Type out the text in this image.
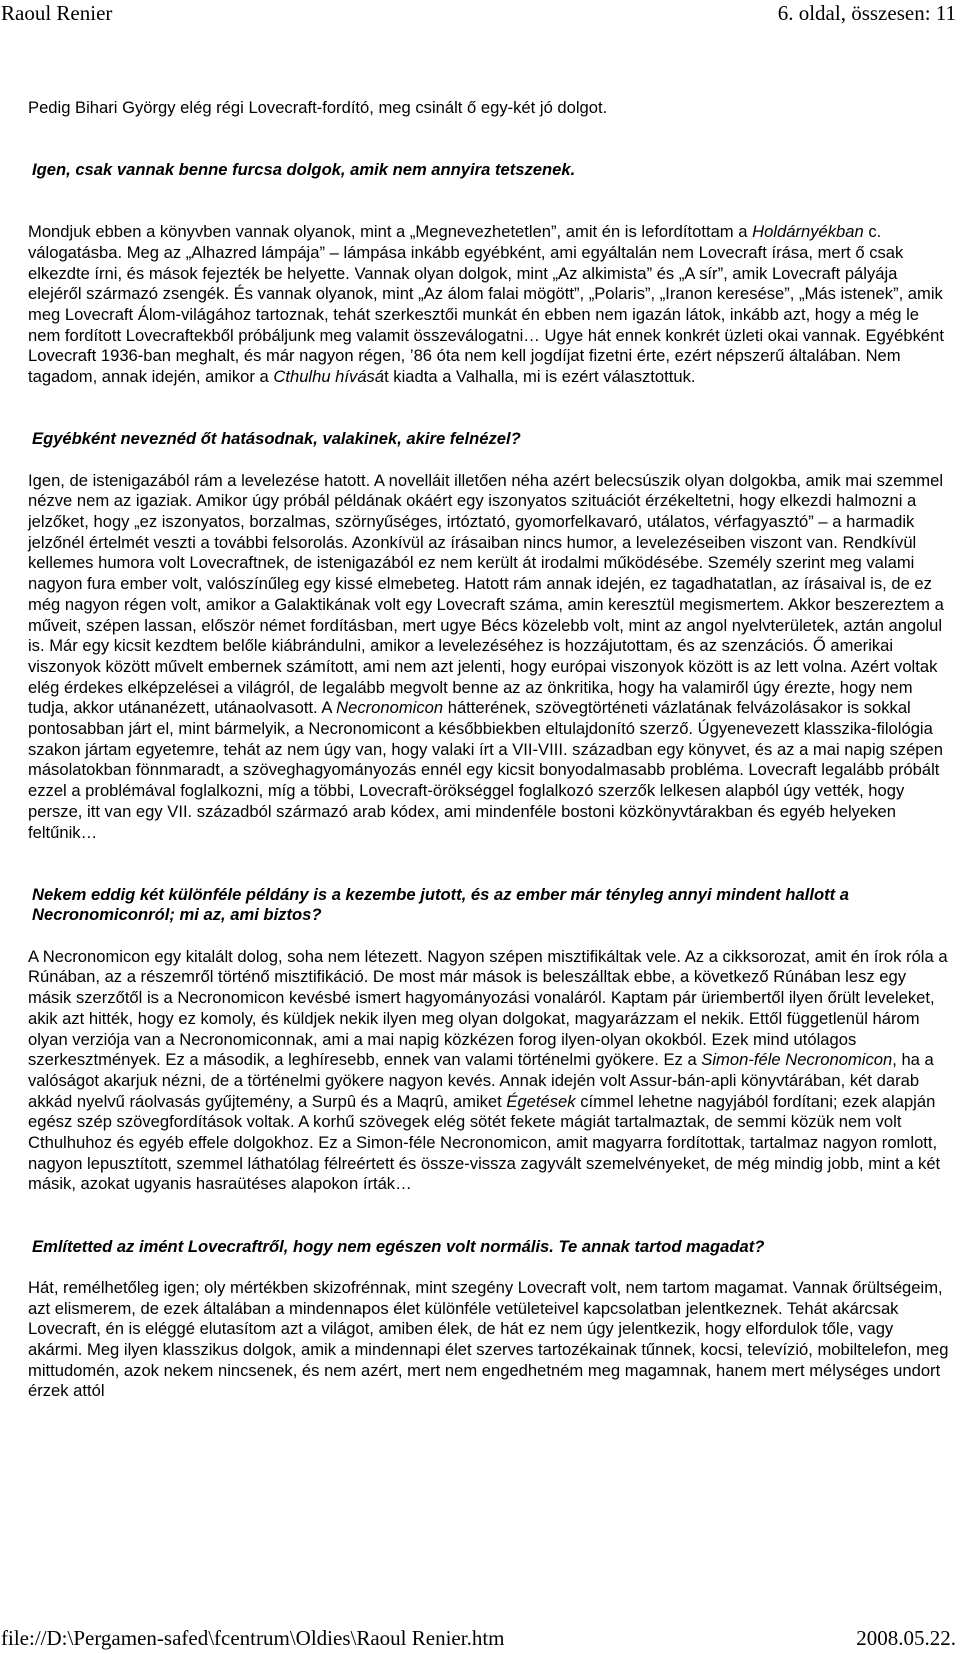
Raoul Renier	6. oldal, összesen: 11

Pedig Bihari György elég régi Lovecraft-fordító, meg csinált ő egy-két jó dolgot.

Igen, csak vannak benne furcsa dolgok, amik nem annyira tetszenek.

Mondjuk ebben a könyvben vannak olyanok, mint a „Megnevezhetetlen”, amit én is lefordítottam a Holdárnyékban c. válogatásba. Meg az „Alhazred lámpája” – lámpása inkább egyébként, ami egyáltalán nem Lovecraft írása, mert ő csak elkezdte írni, és mások fejezték be helyette. Vannak olyan dolgok, mint „Az alkimista” és „A sír”, amik Lovecraft pályája elejéről származó zsengék. És vannak olyanok, mint „Az álom falai mögött”, „Polaris”, „Iranon keresése”, „Más istenek”, amik meg Lovecraft Álom-világához tartoznak, tehát szerkesztői munkát én ebben nem igazán látok, inkább azt, hogy a még le nem fordított Lovecraftekből próbáljunk meg valamit összeválogatni… Ugye hát ennek konkrét üzleti okai vannak. Egyébként Lovecraft 1936-ban meghalt, és már nagyon régen, ’86 óta nem kell jogdíjat fizetni érte, ezért népszerű általában. Nem tagadom, annak idején, amikor a Cthulhu hívását kiadta a Valhalla, mi is ezért választottuk.

Egyébként neveznéd őt hatásodnak, valakinek, akire felnézel?

Igen, de istenigazából rám a levelezése hatott. A novelláit illetően néha azért belecsúszik olyan dolgokba, amik mai szemmel nézve nem az igaziak. Amikor úgy próbál példának okáért egy iszonyatos szituációt érzékeltetni, hogy elkezdi halmozni a jelzőket, hogy „ez iszonyatos, borzalmas, szörnyűséges, irtóztató, gyomorfelkavaró, utálatos, vérfagyasztó” – a harmadik jelzőnél értelmét veszti a további felsorolás. Azonkívül az írásaiban nincs humor, a levelezéseiben viszont van. Rendkívül kellemes humora volt Lovecraftnek, de istenigazából ez nem került át irodalmi működésébe. Személy szerint meg valami nagyon fura ember volt, valószínűleg egy kissé elmebeteg. Hatott rám annak idején, ez tagadhatatlan, az írásaival is, de ez még nagyon régen volt, amikor a Galaktikának volt egy Lovecraft száma, amin keresztül megismertem. Akkor beszereztem a műveit, szépen lassan, először német fordításban, mert ugye Bécs közelebb volt, mint az angol nyelvterületek, aztán angolul is. Már egy kicsit kezdtem belőle kiábrándulni, amikor a levelezéséhez is hozzájutottam, és az szenzációs. Ő amerikai viszonyok között művelt embernek számított, ami nem azt jelenti, hogy európai viszonyok között is az lett volna. Azért voltak elég érdekes elképzelései a világról, de legalább megvolt benne az az önkritika, hogy ha valamiről úgy érezte, hogy nem tudja, akkor utánanézett, utánaolvasott. A Necronomicon hátterének, szövegtörténeti vázlatának felvázolásakor is sokkal pontosabban járt el, mint bármelyik, a Necronomicont a későbbiekben eltulajdonító szerző. Úgyenevezett klasszika-filológia szakon jártam egyetemre, tehát az nem úgy van, hogy valaki írt a VII-VIII. században egy könyvet, és az a mai napig szépen másolatokban fönnmaradt, a szöveghagyományozás ennél egy kicsit bonyodalmasabb probléma. Lovecraft legalább próbált ezzel a problémával foglalkozni, míg a többi, Lovecraft-örökséggel foglalkozó szerzők lelkesen alapból úgy vették, hogy persze, itt van egy VII. századból származó arab kódex, ami mindenféle bostoni közkönyvtárakban és egyéb helyeken feltűnik…

Nekem eddig két különféle példány is a kezembe jutott, és az ember már tényleg annyi mindent hallott a Necronomiconról; mi az, ami biztos?

A Necronomicon egy kitalált dolog, soha nem létezett. Nagyon szépen misztifikáltak vele. Az a cikksorozat, amit én írok róla a Rúnában, az a részemről történő misztifikáció. De most már mások is beleszálltak ebbe, a következő Rúnában lesz egy másik szerzőtől is a Necronomicon kevésbé ismert hagyományozási vonaláról. Kaptam pár üriembertől ilyen őrült leveleket, akik azt hitték, hogy ez komoly, és küldjek nekik ilyen meg olyan dolgokat, magyarázzam el nekik. Ettől függetlenül három olyan verziója van a Necronomiconnak, ami a mai napig közkézen forog ilyen-olyan okokból. Ezek mind utólagos szerkesztmények. Ez a második, a leghíresebb, ennek van valami történelmi gyökere. Ez a Simon-féle Necronomicon, ha a valóságot akarjuk nézni, de a történelmi gyökere nagyon kevés. Annak idején volt Assur-bán-apli könyvtárában, két darab akkád nyelvű ráolvasás gyűjtemény, a Surpû és a Maqrû, amiket Égetések címmel lehetne nagyjából fordítani; ezek alapján egész szép szövegfordítások voltak. A korhű szövegek elég sötét fekete mágiát tartalmaztak, de semmi közük nem volt Cthulhuhoz és egyéb effele dolgokhoz. Ez a Simon-féle Necronomicon, amit magyarra fordítottak, tartalmaz nagyon romlott, nagyon lepusztított, szemmel láthatólag félreértett és össze-vissza zagyvált szemelvényeket, de még mindig jobb, mint a két másik, azokat ugyanis hasraütéses alapokon írták…

Említetted az imént Lovecraftről, hogy nem egészen volt normális. Te annak tartod magadat?

Hát, remélhetőleg igen; oly mértékben skizofrénnak, mint szegény Lovecraft volt, nem tartom magamat. Vannak őrültségeim, azt elismerem, de ezek általában a mindennapos élet különféle vetületeivel kapcsolatban jelentkeznek. Tehát akárcsak Lovecraft, én is eléggé elutasítom azt a világot, amiben élek, de hát ez nem úgy jelentkezik, hogy elfordulok tőle, vagy akármi. Meg ilyen klasszikus dolgok, amik a mindennapi élet szerves tartozékainak tűnnek, kocsi, televízió, mobiltelefon, meg mittudomén, azok nekem nincsenek, és nem azért, mert nem engedhetném meg magamnak, hanem mert mélységes undort érzek attól

file://D:\Pergamen-safed\fcentrum\Oldies\Raoul Renier.htm	2008.05.22.
